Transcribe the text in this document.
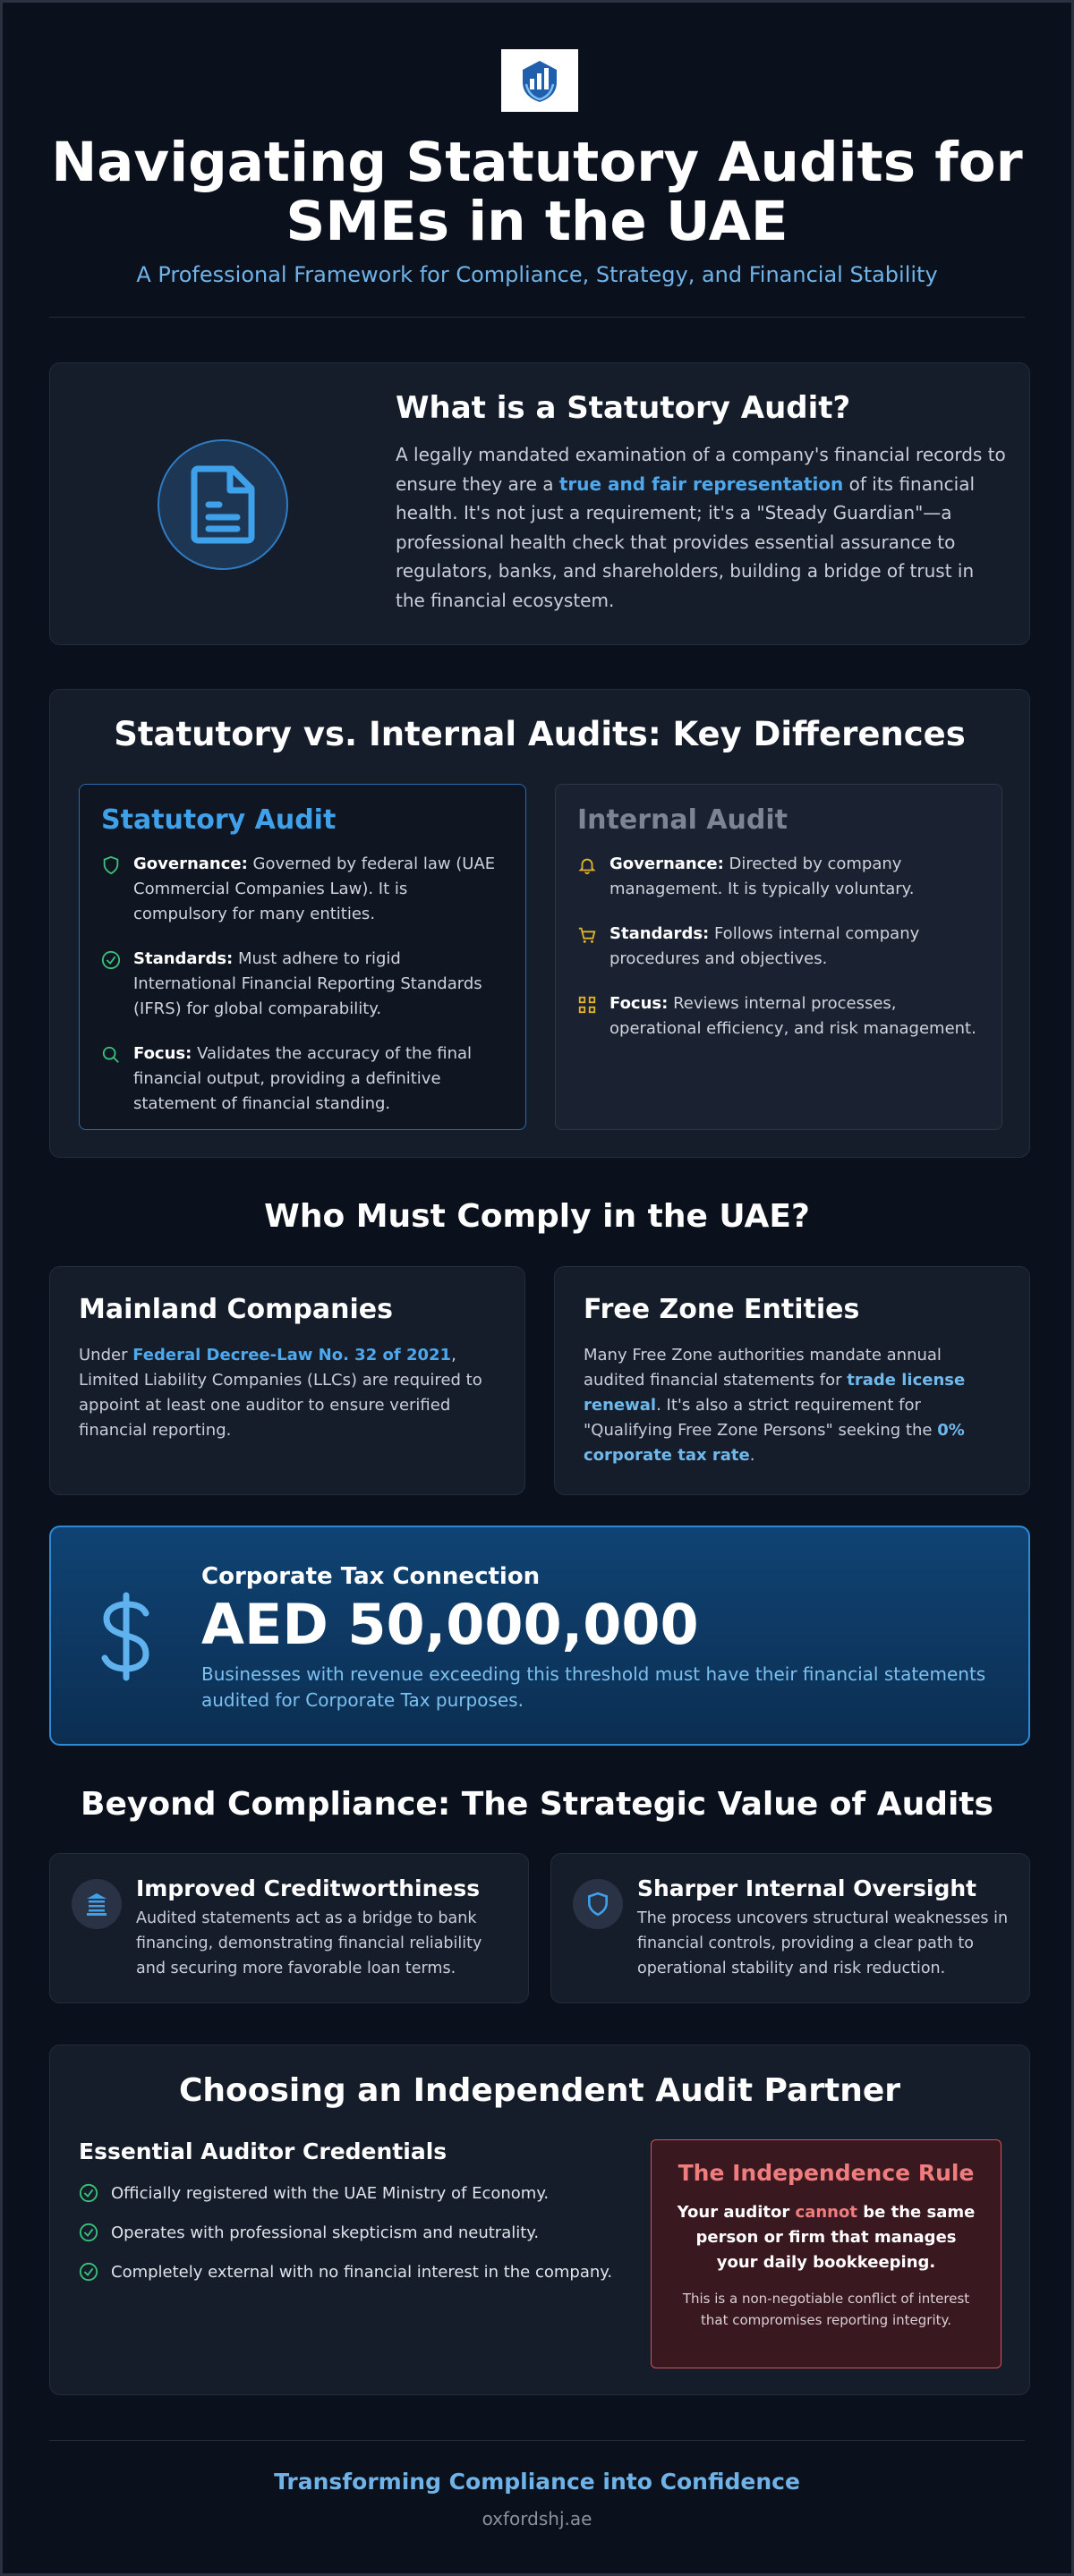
Navigating Statutory Audits for
SMEs in the UAE
A Professional Framework for Compliance, Strategy, and Financial Stability
What is a Statutory Audit?
A legally mandated examination of a company's financial records to ensure they are a true and fair representation of its financial health. It's not just a requirement; it's a "Steady Guardian"—a professional health check that provides essential assurance to regulators, banks, and shareholders, building a bridge of trust in the financial ecosystem.
Statutory vs. Internal Audits: Key Differences
Statutory Audit
Governance: Governed by federal law (UAE Commercial Companies Law). It is compulsory for many entities.
Standards: Must adhere to rigid International Financial Reporting Standards (IFRS) for global comparability.
Focus: Validates the accuracy of the final financial output, providing a definitive statement of financial standing.
Internal Audit
Governance: Directed by company management. It is typically voluntary.
Standards: Follows internal company procedures and objectives.
Focus: Reviews internal processes, operational efficiency, and risk management.
Who Must Comply in the UAE?
Mainland Companies
Under Federal Decree-Law No. 32 of 2021, Limited Liability Companies (LLCs) are required to appoint at least one auditor to ensure verified financial reporting.
Free Zone Entities
Many Free Zone authorities mandate annual audited financial statements for trade license renewal. It's also a strict requirement for "Qualifying Free Zone Persons" seeking the 0% corporate tax rate.
Corporate Tax Connection
AED 50,000,000
Businesses with revenue exceeding this threshold must have their financial statements audited for Corporate Tax purposes.
Beyond Compliance: The Strategic Value of Audits
Improved Creditworthiness
Audited statements act as a bridge to bank financing, demonstrating financial reliability and securing more favorable loan terms.
Sharper Internal Oversight
The process uncovers structural weaknesses in financial controls, providing a clear path to operational stability and risk reduction.
Choosing an Independent Audit Partner
Essential Auditor Credentials
Officially registered with the UAE Ministry of Economy.
Operates with professional skepticism and neutrality.
Completely external with no financial interest in the company.
The Independence Rule
Your auditor cannot be the same person or firm that manages your daily bookkeeping.
This is a non-negotiable conflict of interest that compromises reporting integrity.
Transforming Compliance into Confidence
oxfordshj.ae
